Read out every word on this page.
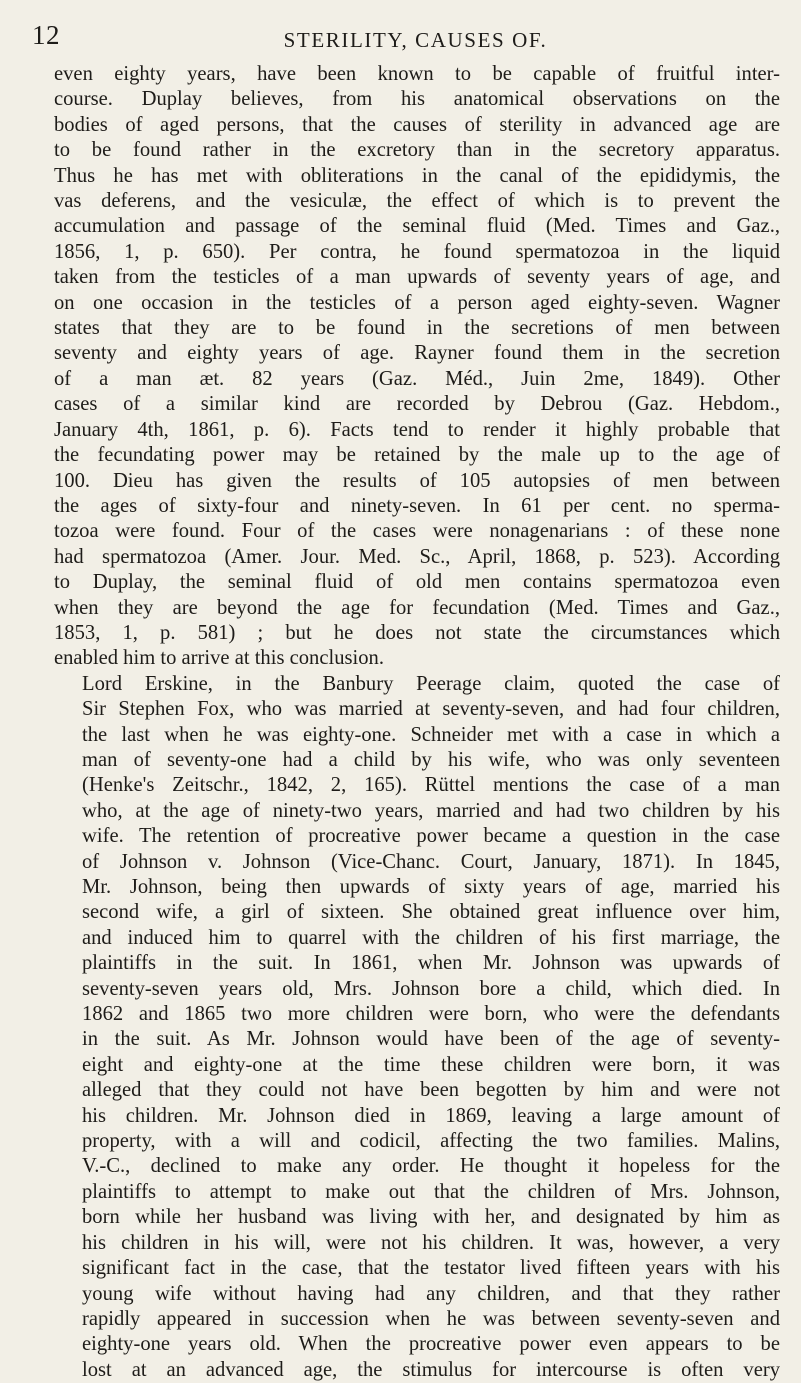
12	STERILITY, CAUSES OF.
even eighty years, have been known to be capable of fruitful inter-
course. Duplay believes, from his anatomical observations on the
bodies of aged persons, that the causes of sterility in advanced age are
to be found rather in the excretory than in the secretory apparatus.
Thus he has met with obliterations in the canal of the epididymis, the
vas deferens, and the vesiculæ, the effect of which is to prevent the
accumulation and passage of the seminal fluid (Med. Times and Gaz.,
1856, 1, p. 650). Per contra, he found spermatozoa in the liquid
taken from the testicles of a man upwards of seventy years of age, and
on one occasion in the testicles of a person aged eighty-seven. Wagner
states that they are to be found in the secretions of men between
seventy and eighty years of age. Rayner found them in the secretion
of a man æt. 82 years (Gaz. Méd., Juin 2me, 1849). Other
cases of a similar kind are recorded by Debrou (Gaz. Hebdom.,
January 4th, 1861, p. 6). Facts tend to render it highly probable that
the fecundating power may be retained by the male up to the age of
100. Dieu has given the results of 105 autopsies of men between
the ages of sixty-four and ninety-seven. In 61 per cent. no sperma-
tozoa were found. Four of the cases were nonagenarians : of these none
had spermatozoa (Amer. Jour. Med. Sc., April, 1868, p. 523). According
to Duplay, the seminal fluid of old men contains spermatozoa even
when they are beyond the age for fecundation (Med. Times and Gaz.,
1853, 1, p. 581) ; but he does not state the circumstances which
enabled him to arrive at this conclusion.
Lord Erskine, in the Banbury Peerage claim, quoted the case of
Sir Stephen Fox, who was married at seventy-seven, and had four children,
the last when he was eighty-one. Schneider met with a case in which a
man of seventy-one had a child by his wife, who was only seventeen
(Henke's Zeitschr., 1842, 2, 165). Rüttel mentions the case of a man
who, at the age of ninety-two years, married and had two children by his
wife. The retention of procreative power became a question in the case
of Johnson v. Johnson (Vice-Chanc. Court, January, 1871). In 1845,
Mr. Johnson, being then upwards of sixty years of age, married his
second wife, a girl of sixteen. She obtained great influence over him,
and induced him to quarrel with the children of his first marriage, the
plaintiffs in the suit. In 1861, when Mr. Johnson was upwards of
seventy-seven years old, Mrs. Johnson bore a child, which died. In
1862 and 1865 two more children were born, who were the defendants
in the suit. As Mr. Johnson would have been of the age of seventy-
eight and eighty-one at the time these children were born, it was
alleged that they could not have been begotten by him and were not
his children. Mr. Johnson died in 1869, leaving a large amount of
property, with a will and codicil, affecting the two families. Malins,
V.-C., declined to make any order. He thought it hopeless for the
plaintiffs to attempt to make out that the children of Mrs. Johnson,
born while her husband was living with her, and designated by him as
his children in his will, were not his children. It was, however, a very
significant fact in the case, that the testator lived fifteen years with his
young wife without having had any children, and that they rather
rapidly appeared in succession when he was between seventy-seven and
eighty-one years old. When the procreative power even appears to be
lost at an advanced age, the stimulus for intercourse is often very
